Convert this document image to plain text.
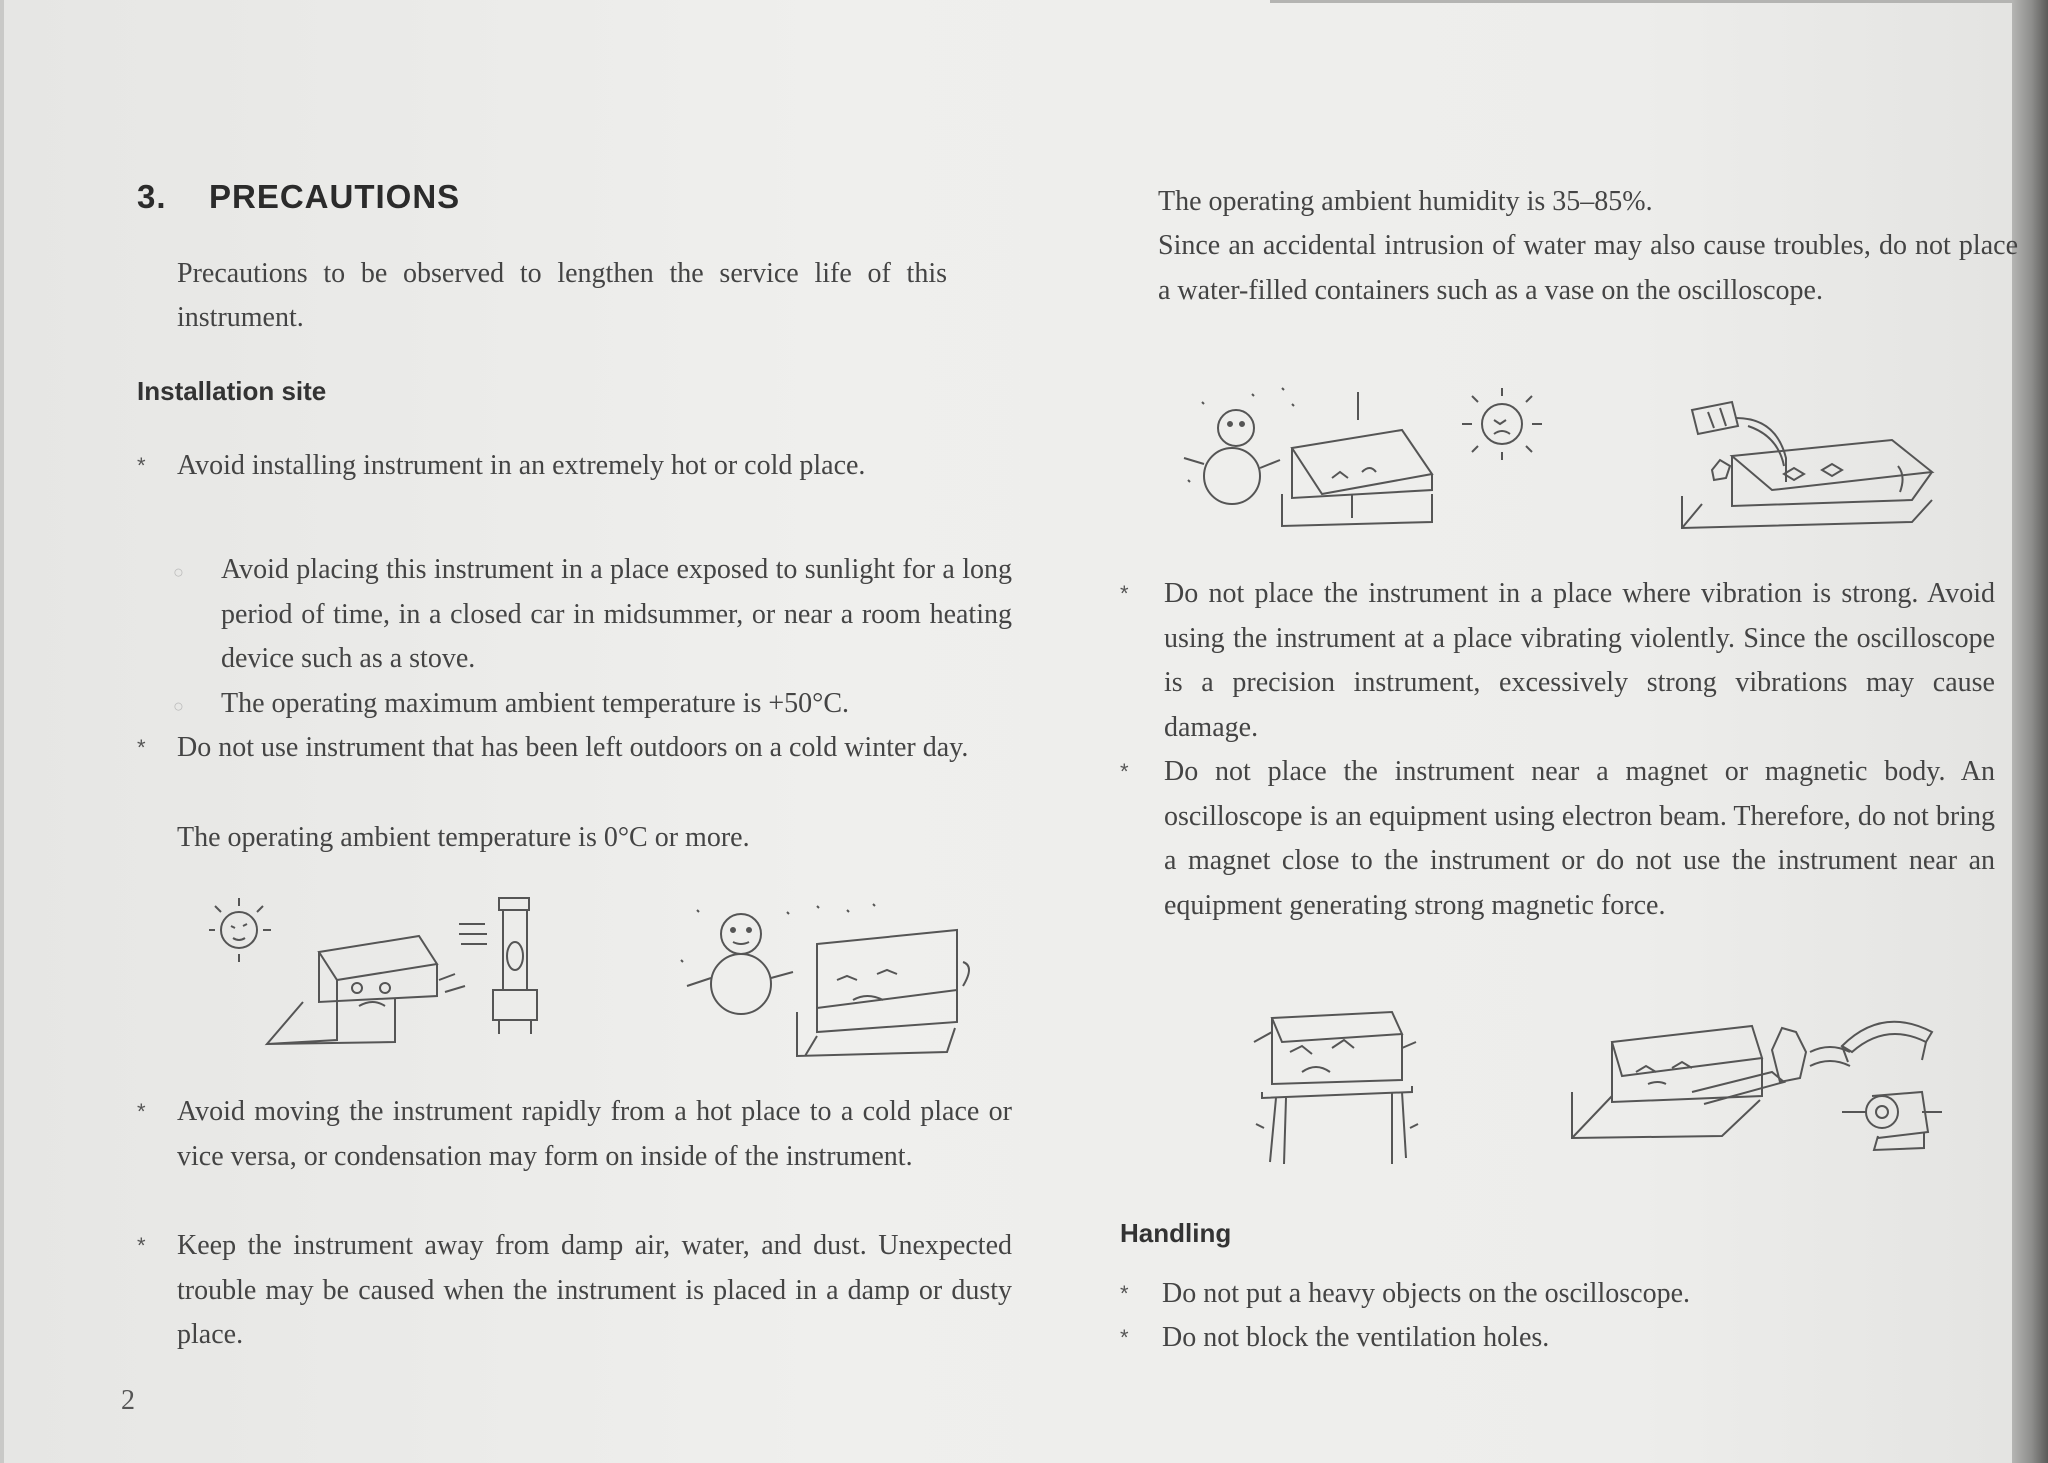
3. PRECAUTIONS
Precautions to be observed to lengthen the service life of this instrument.
Installation site
* Avoid installing instrument in an extremely hot or cold place.
○ Avoid placing this instrument in a place exposed to sunlight for a long period of time, in a closed car in midsummer, or near a room heating device such as a stove.
○ The operating maximum ambient temperature is +50°C.
* Do not use instrument that has been left outdoors on a cold winter day.
The operating ambient temperature is 0°C or more.
* Avoid moving the instrument rapidly from a hot place to a cold place or vice versa, or condensation may form on inside of the instrument.
* Keep the instrument away from damp air, water, and dust. Unexpected trouble may be caused when the instrument is placed in a damp or dusty place.
2
The operating ambient humidity is 35–85%.
Since an accidental intrusion of water may also cause troubles, do not place a water-filled containers such as a vase on the oscilloscope.
* Do not place the instrument in a place where vibration is strong. Avoid using the instrument at a place vibrating violently. Since the oscilloscope is a precision instrument, excessively strong vibrations may cause damage.
* Do not place the instrument near a magnet or magnetic body. An oscilloscope is an equipment using electron beam. Therefore, do not bring a magnet close to the instrument or do not use the instrument near an equipment generating strong magnetic force.
Handling
* Do not put a heavy objects on the oscilloscope.
* Do not block the ventilation holes.
